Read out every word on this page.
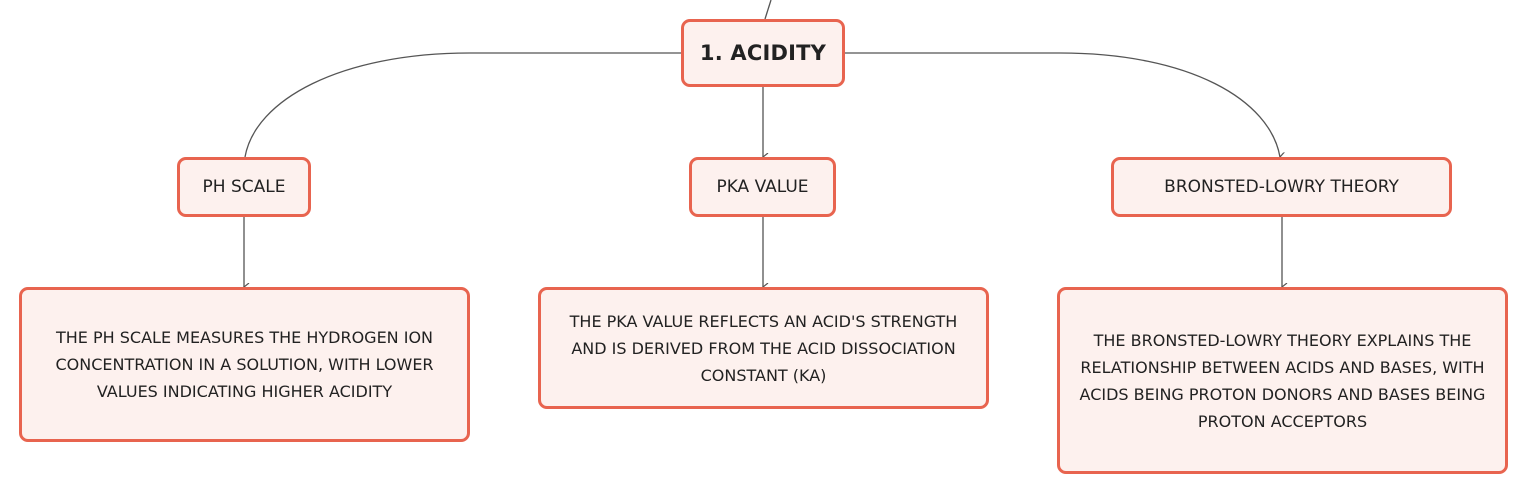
1. ACIDITY
PH SCALE	PKA VALUE	BRONSTED-LOWRY THEORY
THE PH SCALE MEASURES THE HYDROGEN ION CONCENTRATION IN A SOLUTION, WITH LOWER VALUES INDICATING HIGHER ACIDITY
THE PKA VALUE REFLECTS AN ACID'S STRENGTH AND IS DERIVED FROM THE ACID DISSOCIATION CONSTANT (KA)
THE BRONSTED-LOWRY THEORY EXPLAINS THE RELATIONSHIP BETWEEN ACIDS AND BASES, WITH ACIDS BEING PROTON DONORS AND BASES BEING PROTON ACCEPTORS
